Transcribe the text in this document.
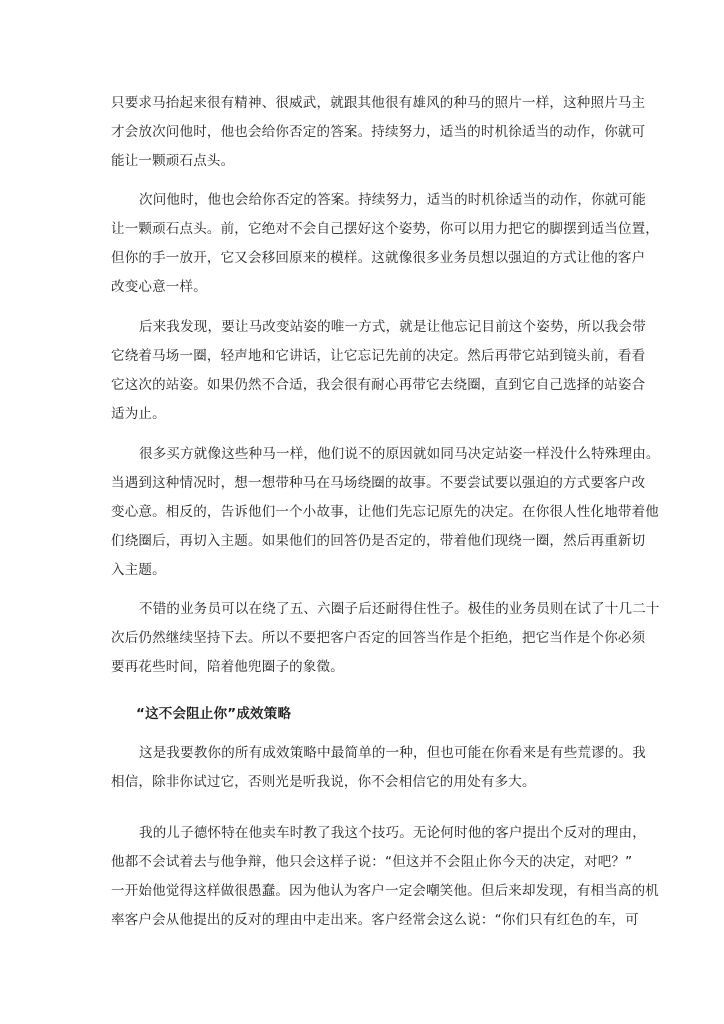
只要求马抬起来很有精神、很威武，就跟其他很有雄风的种马的照片一样，这种照片马主
才会放次问他时，他也会给你否定的答案。持续努力，适当的时机徐适当的动作，你就可
能让一颗顽石点头。
次问他时，他也会给你否定的答案。持续努力，适当的时机徐适当的动作，你就可能
让一颗顽石点头。前，它绝对不会自己摆好这个姿势，你可以用力把它的脚摆到适当位置，
但你的手一放开，它又会移回原来的模样。这就像很多业务员想以强迫的方式让他的客户
改变心意一样。
后来我发现，要让马改变站姿的唯一方式，就是让他忘记目前这个姿势，所以我会带
它绕着马场一圈，轻声地和它讲话，让它忘记先前的决定。然后再带它站到镜头前，看看
它这次的站姿。如果仍然不合适，我会很有耐心再带它去绕圈，直到它自己选择的站姿合
适为止。
很多买方就像这些种马一样，他们说不的原因就如同马决定站姿一样没什么特殊理由。
当遇到这种情况时，想一想带种马在马场绕圈的故事。不要尝试要以强迫的方式要客户改
变心意。相反的，告诉他们一个小故事，让他们先忘记原先的决定。在你很人性化地带着他
们绕圈后，再切入主题。如果他们的回答仍是否定的，带着他们现绕一圈，然后再重新切
入主题。
不错的业务员可以在绕了五、六圈子后还耐得住性子。极佳的业务员则在试了十几二十
次后仍然继续坚持下去。所以不要把客户否定的回答当作是个拒绝，把它当作是个你必须
要再花些时间，陪着他兜圈子的象徵。
“这不会阻止你”成效策略
这是我要教你的所有成效策略中最简单的一种，但也可能在你看来是有些荒谬的。我
相信，除非你试过它，否则光是听我说，你不会相信它的用处有多大。
我的儿子德怀特在他卖车时教了我这个技巧。无论何时他的客户提出个反对的理由，
他都不会试着去与他争辩，他只会这样子说：“但这并不会阻止你今天的决定，对吧？”
一开始他觉得这样做很愚蠢。因为他认为客户一定会嘲笑他。但后来却发现，有相当高的机
率客户会从他提出的反对的理由中走出来。客户经常会这么说：“你们只有红色的车，可
